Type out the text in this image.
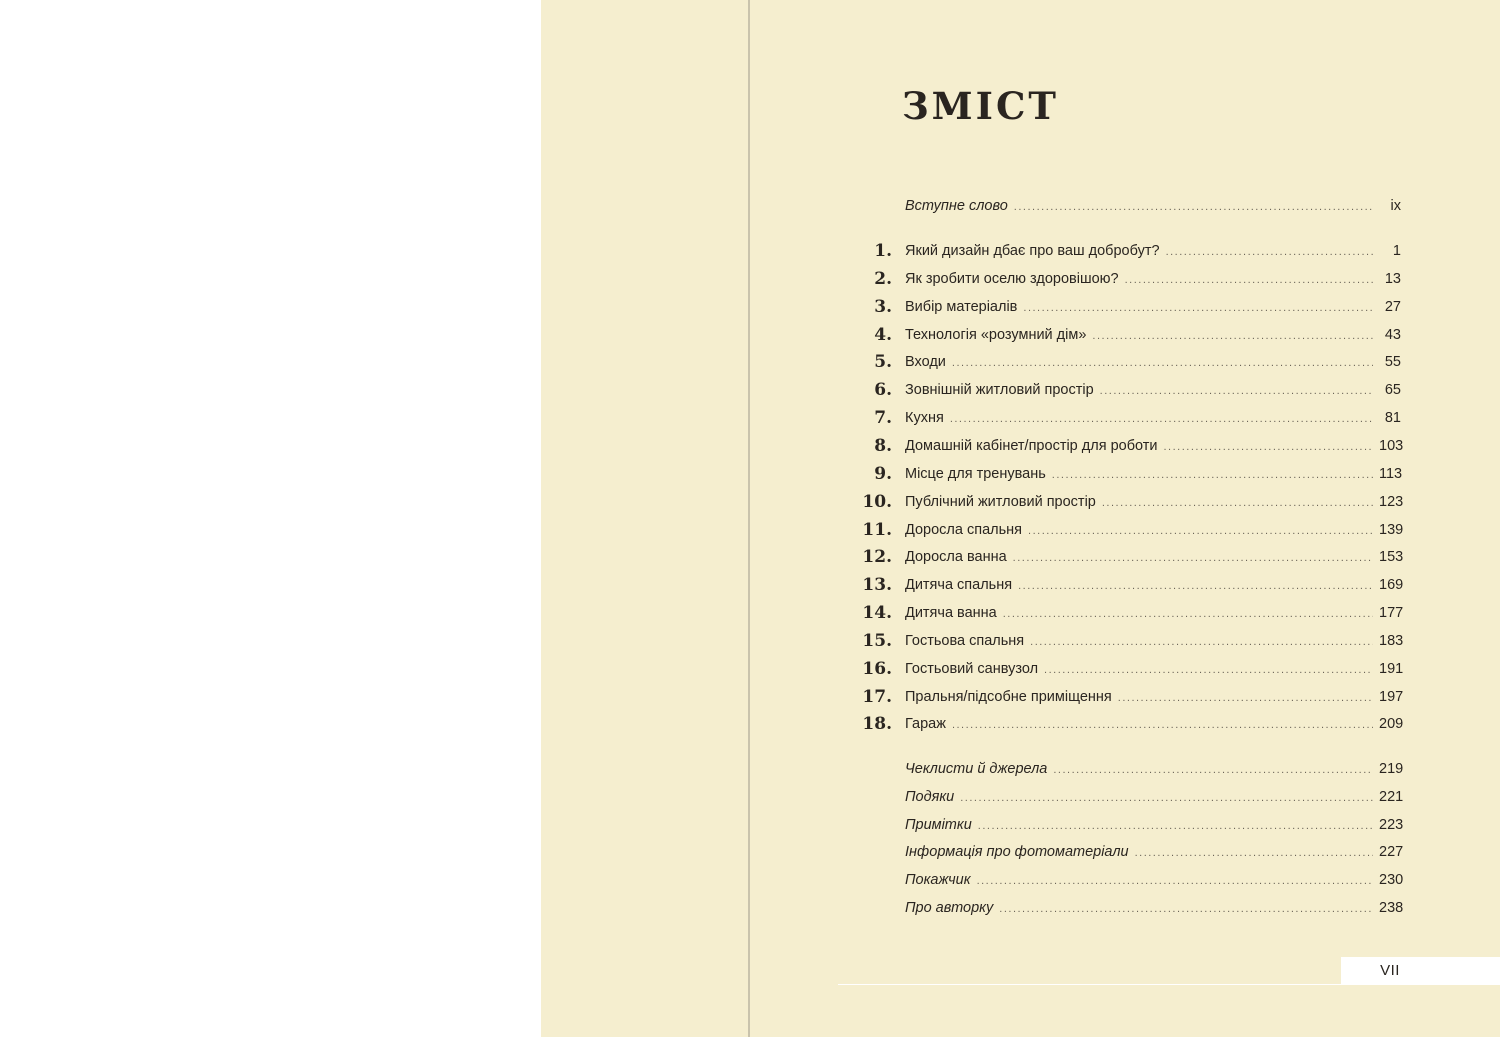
ЗМІСТ
Вступне слово .....	ix
1. Який дизайн дбає про ваш добробут? .....	1
2. Як зробити оселю здоровішою? .....	13
3. Вибір матеріалів .....	27
4. Технологія «розумний дім» .....	43
5. Входи .....	55
6. Зовнішній житловий простір .....	65
7. Кухня .....	81
8. Домашній кабінет/простір для роботи .....	103
9. Місце для тренувань .....	113
10. Публічний житловий простір .....	123
11. Доросла спальня .....	139
12. Доросла ванна .....	153
13. Дитяча спальня .....	169
14. Дитяча ванна .....	177
15. Гостьова спальня .....	183
16. Гостьовий санвузол .....	191
17. Пральня/підсобне приміщення .....	197
18. Гараж .....	209
Чеклисти й джерела .....	219
Подяки .....	221
Примітки .....	223
Інформація про фотоматеріали .....	227
Покажчик .....	230
Про авторку .....	238
VII
